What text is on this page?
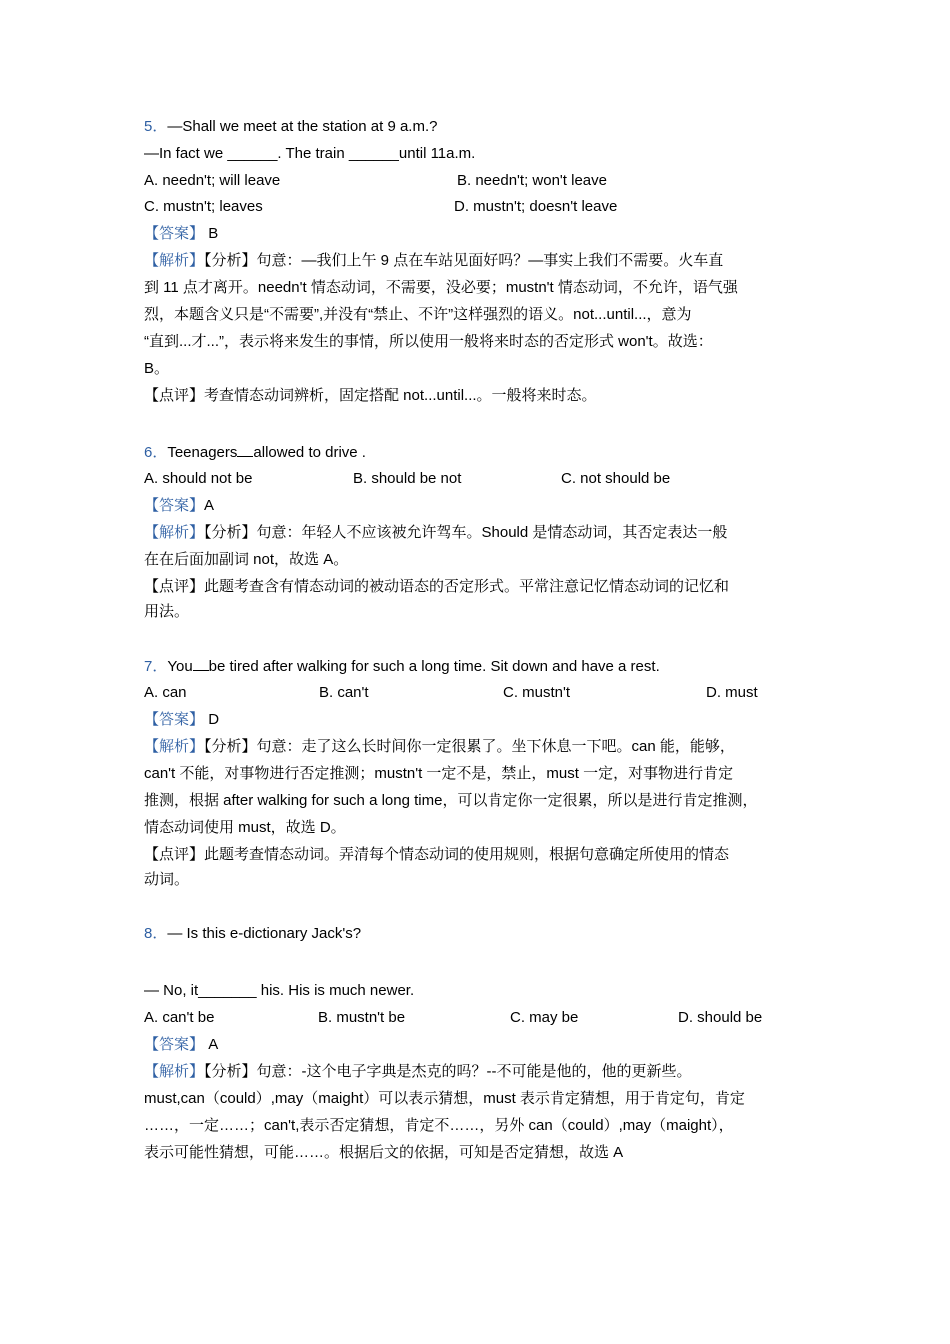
5．—Shall we meet at the station at 9 a.m.?
—In fact we ______. The train ______until 11a.m.
A. needn't; will leave	B. needn't; won't leave
C. mustn't; leaves	D. mustn't; doesn't leave
【答案】 B
【解析】【分析】句意：—我们上午 9 点在车站见面好吗？—事实上我们不需要。火车直
到 11 点才离开。needn't 情态动词，不需要，没必要；mustn't 情态动词，不允许，语气强
烈，本题含义只是“不需要”,并没有“禁止、不许”这样强烈的语义。not...until...，意为
“直到...才...”，表示将来发生的事情，所以使用一般将来时态的否定形式 won't。故选：
B。
【点评】考查情态动词辨析，固定搭配 not...until...。一般将来时态。
6．Teenagers allowed to drive .
A. should not be	B. should be not	C. not should be
【答案】A
【解析】【分析】句意：年轻人不应该被允许驾车。Should 是情态动词，其否定表达一般
在在后面加副词 not，故选 A。
【点评】此题考查含有情态动词的被动语态的否定形式。平常注意记忆情态动词的记忆和
用法。
7．You be tired after walking for such a long time. Sit down and have a rest.
A. can	B. can't	C. mustn't	D. must
【答案】 D
【解析】【分析】句意：走了这么长时间你一定很累了。坐下休息一下吧。can 能，能够，
can't 不能，对事物进行否定推测；mustn't 一定不是，禁止，must 一定，对事物进行肯定
推测，根据 after walking for such a long time，可以肯定你一定很累，所以是进行肯定推测，
情态动词使用 must，故选 D。
【点评】此题考查情态动词。弄清每个情态动词的使用规则，根据句意确定所使用的情态
动词。
8．— Is this e-dictionary Jack's?
— No, it_______ his. His is much newer.
A. can't be	B. mustn't be	C. may be	D. should be
【答案】 A
【解析】【分析】句意：-这个电子字典是杰克的吗？--不可能是他的，他的更新些。
must,can（could）,may（maight）可以表示猜想，must 表示肯定猜想，用于肯定句，肯定
……，一定……；can't,表示否定猜想，肯定不……，另外 can（could）,may（maight），
表示可能性猜想，可能……。根据后文的依据，可知是否定猜想，故选 A
